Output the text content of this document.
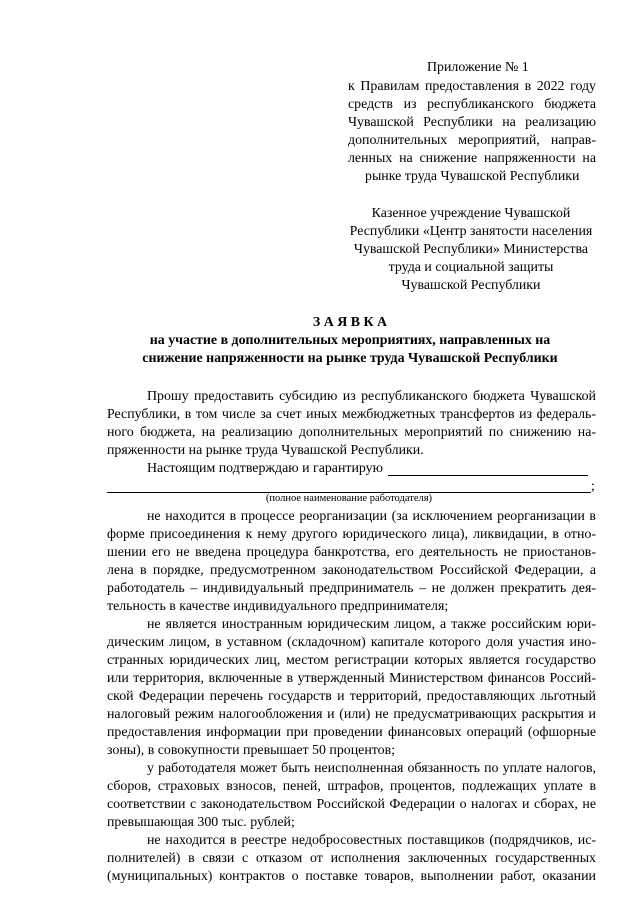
Приложение № 1
к Правилам предоставления в 2022 году
средств из республиканского бюджета
Чувашской Республики на реализацию
дополнительных мероприятий, направ-
ленных на снижение напряженности на
рынке труда Чувашской Республики
Казенное учреждение Чувашской
Республики «Центр занятости населения
Чувашской Республики» Министерства
труда и социальной защиты
Чувашской Республики
З А Я В К А
на участие в дополнительных мероприятиях, направленных на
снижение напряженности на рынке труда Чувашской Республики
Прошу предоставить субсидию из республиканского бюджета Чувашской
Республики, в том числе за счет иных межбюджетных трансфертов из федераль-
ного бюджета, на реализацию дополнительных мероприятий по снижению на-
пряженности на рынке труда Чувашской Республики.
Настоящим подтверждаю и гарантирую
;
(полное наименование работодателя)
не находится в процессе реорганизации (за исключением реорганизации в
форме присоединения к нему другого юридического лица), ликвидации, в отно-
шении его не введена процедура банкротства, его деятельность не приостанов-
лена в порядке, предусмотренном законодательством Российской Федерации, а
работодатель – индивидуальный предприниматель – не должен прекратить дея-
тельность в качестве индивидуального предпринимателя;
не является иностранным юридическим лицом, а также российским юри-
дическим лицом, в уставном (складочном) капитале которого доля участия ино-
странных юридических лиц, местом регистрации которых является государство
или территория, включенные в утвержденный Министерством финансов Россий-
ской Федерации перечень государств и территорий, предоставляющих льготный
налоговый режим налогообложения и (или) не предусматривающих раскрытия и
предоставления информации при проведении финансовых операций (офшорные
зоны), в совокупности превышает 50 процентов;
у работодателя может быть неисполненная обязанность по уплате налогов,
сборов, страховых взносов, пеней, штрафов, процентов, подлежащих уплате в
соответствии с законодательством Российской Федерации о налогах и сборах, не
превышающая 300 тыс. рублей;
не находится в реестре недобросовестных поставщиков (подрядчиков, ис-
полнителей) в связи с отказом от исполнения заключенных государственных
(муниципальных) контрактов о поставке товаров, выполнении работ, оказании
